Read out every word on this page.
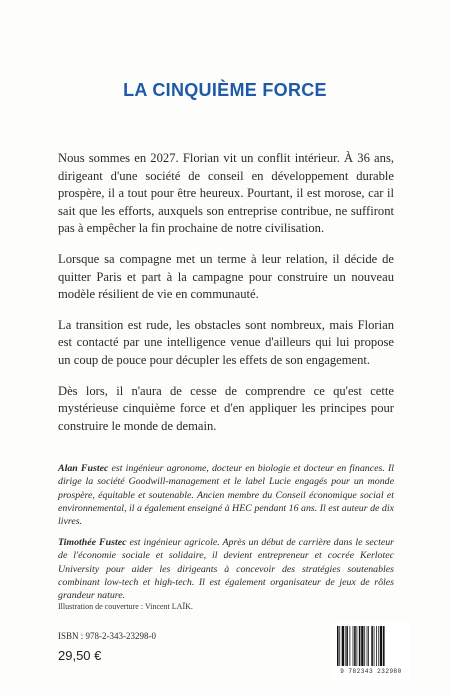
LA CINQUIÈME FORCE

Nous sommes en 2027. Florian vit un conflit intérieur. À 36 ans, dirigeant d'une société de conseil en développement durable prospère, il a tout pour être heureux. Pourtant, il est morose, car il sait que les efforts, auxquels son entreprise contribue, ne suffiront pas à empêcher la fin prochaine de notre civilisation.

Lorsque sa compagne met un terme à leur relation, il décide de quitter Paris et part à la campagne pour construire un nouveau modèle résilient de vie en communauté.

La transition est rude, les obstacles sont nombreux, mais Florian est contacté par une intelligence venue d'ailleurs qui lui propose un coup de pouce pour décupler les effets de son engagement.

Dès lors, il n'aura de cesse de comprendre ce qu'est cette mystérieuse cinquième force et d'en appliquer les principes pour construire le monde de demain.

Alan Fustec est ingénieur agronome, docteur en biologie et docteur en finances. Il dirige la société Goodwill-management et le label Lucie engagés pour un monde prospère, équitable et soutenable. Ancien membre du Conseil économique social et environnemental, il a également enseigné à HEC pendant 16 ans. Il est auteur de dix livres.
Timothée Fustec est ingénieur agricole. Après un début de carrière dans le secteur de l'économie sociale et solidaire, il devient entrepreneur et cocrée Kerlotec University pour aider les dirigeants à concevoir des stratégies soutenables combinant low-tech et high-tech. Il est également organisateur de jeux de rôles grandeur nature.
Illustration de couverture : Vincent LAÏK.
ISBN : 978-2-343-23298-0
29,50 €
9 782343 232980
